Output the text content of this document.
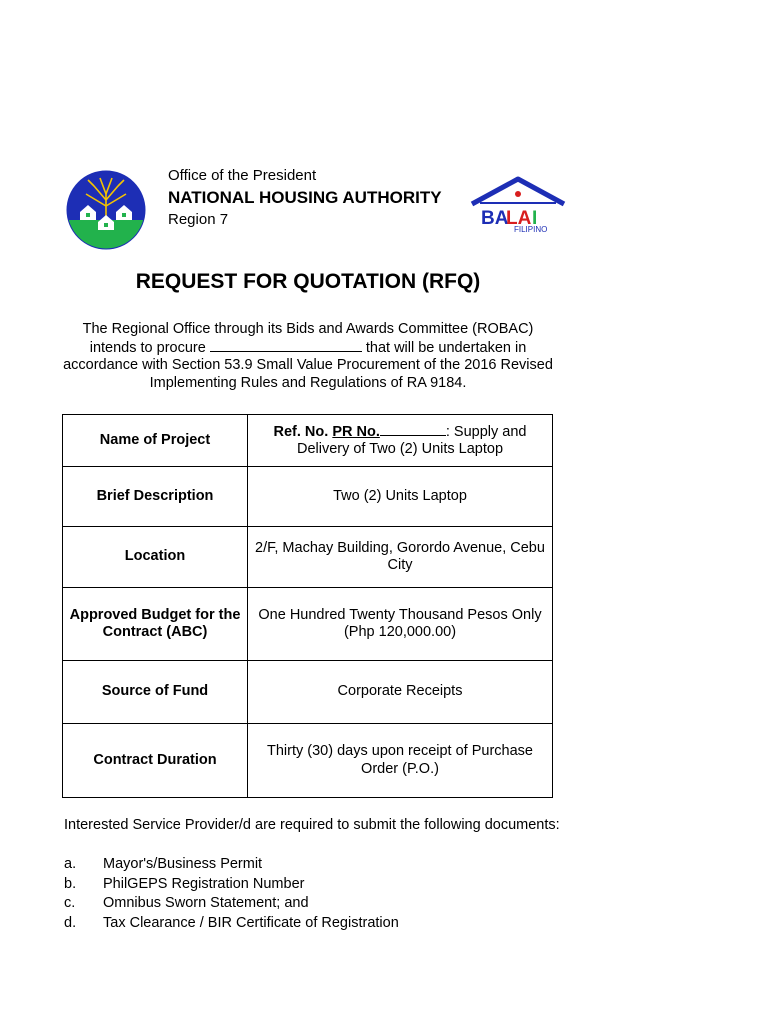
Office of the President
NATIONAL HOUSING AUTHORITY
Region 7	BA
LA I
FILIPINO
REQUEST FOR QUOTATION (RFQ)
The Regional Office through its Bids and Awards Committee (ROBAC) intends to procure	that will be undertaken in accordance with Section 53.9 Small Value Procurement of the 2016 Revised Implementing Rules and Regulations of RA 9184.
Name of Project	Ref. No. PR No. : Supply and Delivery of Two (2) Units Laptop
Brief Description	Two (2) Units Laptop
Location	2/F, Machay Building, Gorordo Avenue, Cebu City
Approved Budget for the Contract (ABC)	One Hundred Twenty Thousand Pesos Only (Php 120,000.00)
Source of Fund	Corporate Receipts
Contract Duration	Thirty (30) days upon receipt of Purchase Order (P.O.)
Interested Service Provider/d are required to submit the following documents:
a.	Mayor's/Business Permit
b.	PhilGEPS Registration Number
c.	Omnibus Sworn Statement; and
d.	Tax Clearance / BIR Certificate of Registration
